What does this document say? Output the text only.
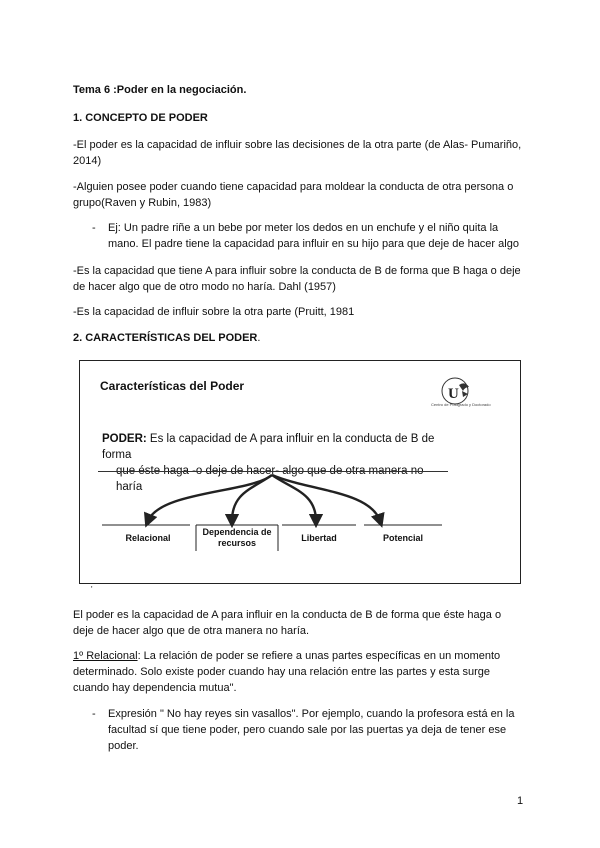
Tema 6 :Poder en la negociación.

1. CONCEPTO DE PODER

-El poder es la capacidad de influir sobre las decisiones de la otra parte (de Alas- Pumariño,

2014)

-Alguien posee poder cuando tiene capacidad para moldear la conducta de otra persona o

grupo(Raven y Rubin, 1983)

- Ej: Un padre riñe a un bebe por meter los dedos en un enchufe y el niño quita la

mano. El padre tiene la capacidad para influir en su hijo para que deje de hacer algo

-Es la capacidad que tiene A para influir sobre la conducta de B de forma que B haga o deje

de hacer algo que de otro modo no haría. Dahl (1957)

-Es la capacidad de influir sobre la otra parte (Pruitt, 1981

2. CARACTERÍSTICAS DEL PODER.

Características del Poder	U
Centro de Postgrado y Doctorado
PODER: Es la capacidad de A para influir en la conducta de B de forma
que éste haga -o deje de hacer- algo que de otra manera no haría
Relacional
Dependencia de recursos	Libertad	Potencial
'

El poder es la capacidad de A para influir en la conducta de B de forma que éste haga o

deje de hacer algo que de otra manera no haría.

1º Relacional: La relación de poder se refiere a unas partes específicas en un momento

determinado. Solo existe poder cuando hay una relación entre las partes y esta surge

cuando hay dependencia mutua".

- Expresión " No hay reyes sin vasallos". Por ejemplo, cuando la profesora está en la

facultad sí que tiene poder, pero cuando sale por las puertas ya deja de tener ese

poder.

1
